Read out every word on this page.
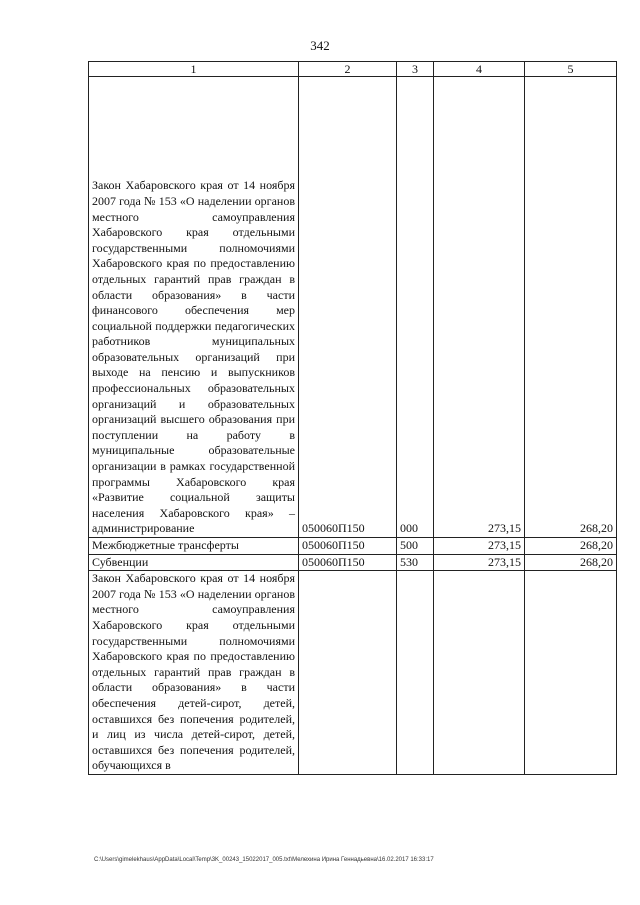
342
1	2	3	4	5
Закон Хабаровского края от 14 ноября 2007 года № 153 «О наделении органов местного самоуправления Хабаровского края отдельными государственными полномочиями Хабаровского края по предоставлению отдельных гарантий прав граждан в области образования» в части финансового обеспечения мер социальной поддержки педагогических работников муниципальных образовательных организаций при выходе на пенсию и выпускников профессиональных образовательных организаций и образовательных организаций высшего образования при поступлении на работу в муниципальные образовательные организации в рамках государственной программы Хабаровского края «Развитие социальной защиты населения Хабаровского края» – администрирование	050060П150	000	273,15	268,20
Межбюджетные трансферты	050060П150	500	273,15	268,20
Субвенции	050060П150	530	273,15	268,20
Закон Хабаровского края от 14 ноября 2007 года № 153 «О наделении органов местного самоуправления Хабаровского края отдельными государственными полномочиями Хабаровского края по предоставлению отдельных гарантий прав граждан в области образования» в части обеспечения детей-сирот, детей, оставшихся без попечения родителей, и лиц из числа детей-сирот, детей, оставшихся без попечения родителей, обучающихся в				
C:\Users\gimelekhaus\AppData\Local\Temp\3K_00243_15022017_005.txt\Мелехина Ирина Геннадьевна\16.02.2017 16:33:17
